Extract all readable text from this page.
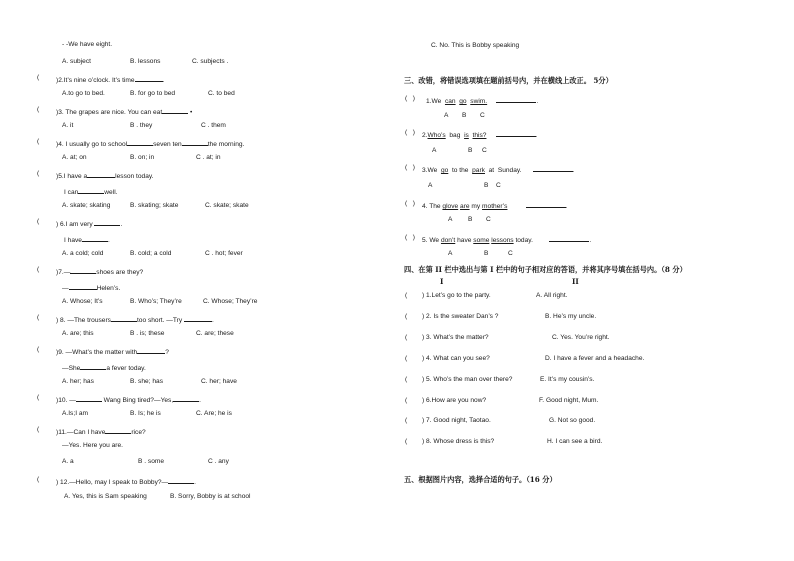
- -We have eight.
A. subject	B. lessons	C. subjects .
(	)2.It’s nine o’clock. It’s time	.
A.to go to bed.	B. for go to bed	C. to bed
(	)3. The grapes are nice. You can eat	•
A. it	B . they	C . them
(	)4. I usually go to school	seven ten	the morning.
A. at; on	B. on; in	C . at; in
(	)5.I have a	lesson today.
I can	well.
A. skate; skating	B. skating; skate	C. skate; skate
(	) 6.I am very	.
I have	.
A. a cold; cold	B. cold; a cold	C . hot; fever
(	)7.—	shoes are they?
—	Helen’s.
A. Whose; It’s	B. Who’s; They’re	C. Whose; They’re
(	) 8. —The trousers	too short. —Try	.
A. are; this	B . is; these	C. are; these
(	)9. —What’s the matter with	?
—She	a fever today.
A. her; has	B. she; has	C. her; have
(	)10. —	Wang Bing tired?—Yes,	.
A.Is;I am	B. Is; he is	C. Are; he is
(	)11.—Can I have	rice?
—Yes. Here you are.
A. a	B . some	C . any
(	) 12.—Hello, may I speak to Bobby?—	.
A. Yes, this is Sam speaking	B. Sorry, Bobby is at school
C. No. This is Bobby speaking
三、改错，将错误选项填在题前括号内，并在横线上改正。 5分）
( ) 1.We can go swim.	.
A B C
( ) 2.Who’s bag is this?	.
A	B C
( ) 3.We go to the park at Sunday.	.
A	B C
( ) 4. The glove are my mother’s	.
A B C
( ) 5. We don’t have some lessons today.	.
A	B	C
四、在第 II 栏中选出与第 I 栏中的句子相对应的答语，并将其序号填在括号内。（8 分）
I	II
( ) 1.Let’s go to the party.	A. All right.
( ) 2. Is the sweater Dan’s ?	B. He’s my uncle.
( ) 3. What’s the matter?	C. Yes. You’re right.
( ) 4. What can you see?	D. I have a fever and a headache.
( ) 5. Who’s the man over there?	E. It’s my cousin’s.
( ) 6.How are you now?	F. Good night, Mum.
( ) 7. Good night, Taotao.	G. Not so good.
( ) 8. Whose dress is this?	H. I can see a bird.
五、根据图片内容，选择合适的句子。（16 分）
